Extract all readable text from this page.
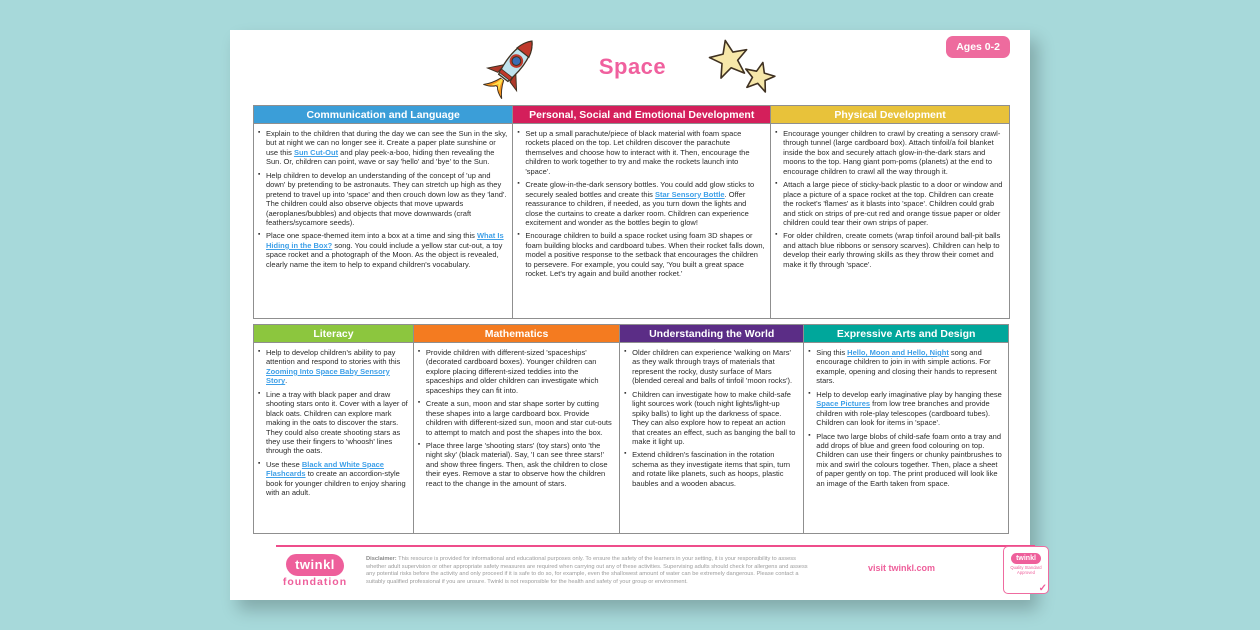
Ages 0-2
Space
Communication and Language
▪ Explain to the children that during the day we can see the Sun in the sky, but at night we can no longer see it. Create a paper plate sunshine or use this Sun Cut-Out and play peek-a-boo, hiding then revealing the Sun. Or, children can point, wave or say 'hello' and 'bye' to the Sun.
▪ Help children to develop an understanding of the concept of 'up and down' by pretending to be astronauts. They can stretch up high as they pretend to travel up into 'space' and then crouch down low as they 'land'. The children could also observe objects that move upwards (aeroplanes/bubbles) and objects that move downwards (craft feathers/sycamore seeds).
▪ Place one space-themed item into a box at a time and sing this What Is Hiding in the Box? song. You could include a yellow star cut-out, a toy space rocket and a photograph of the Moon. As the object is revealed, clearly name the item to help to expand children's vocabulary.
Personal, Social and Emotional Development
▪ Set up a small parachute/piece of black material with foam space rockets placed on the top. Let children discover the parachute themselves and choose how to interact with it. Then, encourage the children to work together to try and make the rockets launch into 'space'.
▪ Create glow-in-the-dark sensory bottles. You could add glow sticks to securely sealed bottles and create this Star Sensory Bottle. Offer reassurance to children, if needed, as you turn down the lights and close the curtains to create a darker room. Children can experience excitement and wonder as the bottles begin to glow!
▪ Encourage children to build a space rocket using foam 3D shapes or foam building blocks and cardboard tubes. When their rocket falls down, model a positive response to the setback that encourages the children to persevere. For example, you could say, 'You built a great space rocket. Let's try again and build another rocket.'
Physical Development
▪ Encourage younger children to crawl by creating a sensory crawl-through tunnel (large cardboard box). Attach tinfoil/a foil blanket inside the box and securely attach glow-in-the-dark stars and moons to the top. Hang giant pom-poms (planets) at the end to encourage children to crawl all the way through it.
▪ Attach a large piece of sticky-back plastic to a door or window and place a picture of a space rocket at the top. Children can create the rocket's 'flames' as it blasts into 'space'. Children could grab and stick on strips of pre-cut red and orange tissue paper or older children could tear their own strips of paper.
▪ For older children, create comets (wrap tinfoil around ball-pit balls and attach blue ribbons or sensory scarves). Children can help to develop their early throwing skills as they throw their comet and make it fly through 'space'.
Literacy
▪ Help to develop children's ability to pay attention and respond to stories with this Zooming Into Space Baby Sensory Story.
▪ Line a tray with black paper and draw shooting stars onto it. Cover with a layer of black oats. Children can explore mark making in the oats to discover the stars. They could also create shooting stars as they use their fingers to 'whoosh' lines through the oats.
▪ Use these Black and White Space Flashcards to create an accordion-style book for younger children to enjoy sharing with an adult.
Mathematics
▪ Provide children with different-sized 'spaceships' (decorated cardboard boxes). Younger children can explore placing different-sized teddies into the spaceships and older children can investigate which spaceships they can fit into.
▪ Create a sun, moon and star shape sorter by cutting these shapes into a large cardboard box. Provide children with different-sized sun, moon and star cut-outs to attempt to match and post the shapes into the box.
▪ Place three large 'shooting stars' (toy stars) onto 'the night sky' (black material). Say, 'I can see three stars!' and show three fingers. Then, ask the children to close their eyes. Remove a star to observe how the children react to the change in the amount of stars.
Understanding the World
▪ Older children can experience 'walking on Mars' as they walk through trays of materials that represent the rocky, dusty surface of Mars (blended cereal and balls of tinfoil 'moon rocks').
▪ Children can investigate how to make child-safe light sources work (touch night lights/light-up spiky balls) to light up the darkness of space. They can also explore how to repeat an action that creates an effect, such as banging the ball to make it light up.
▪ Extend children's fascination in the rotation schema as they investigate items that spin, turn and rotate like planets, such as hoops, plastic baubles and a wooden abacus.
Expressive Arts and Design
▪ Sing this Hello, Moon and Hello, Night song and encourage children to join in with simple actions. For example, opening and closing their hands to represent stars.
▪ Help to develop early imaginative play by hanging these Space Pictures from low tree branches and provide children with role-play telescopes (cardboard tubes). Children can look for items in 'space'.
▪ Place two large blobs of child-safe foam onto a tray and add drops of blue and green food colouring on top. Children can use their fingers or chunky paintbrushes to mix and swirl the colours together. Then, place a sheet of paper gently on top. The print produced will look like an image of the Earth taken from space.
twinkl
foundation
Disclaimer: This resource is provided for informational and educational purposes only. To ensure the safety of the learners in your setting, it is your responsibility to assess whether adult supervision or other appropriate safety measures are required when carrying out any of these activities. Supervising adults should check for allergens and assess any potential risks before the activity and only proceed if it is safe to do so, for example, even the shallowest amount of water can be extremely dangerous. Please contact a suitably qualified professional if you are unsure. Twinkl is not responsible for the health and safety of your group or environment.
visit twinkl.com
twinkl
Quality Standard Approved
✓
